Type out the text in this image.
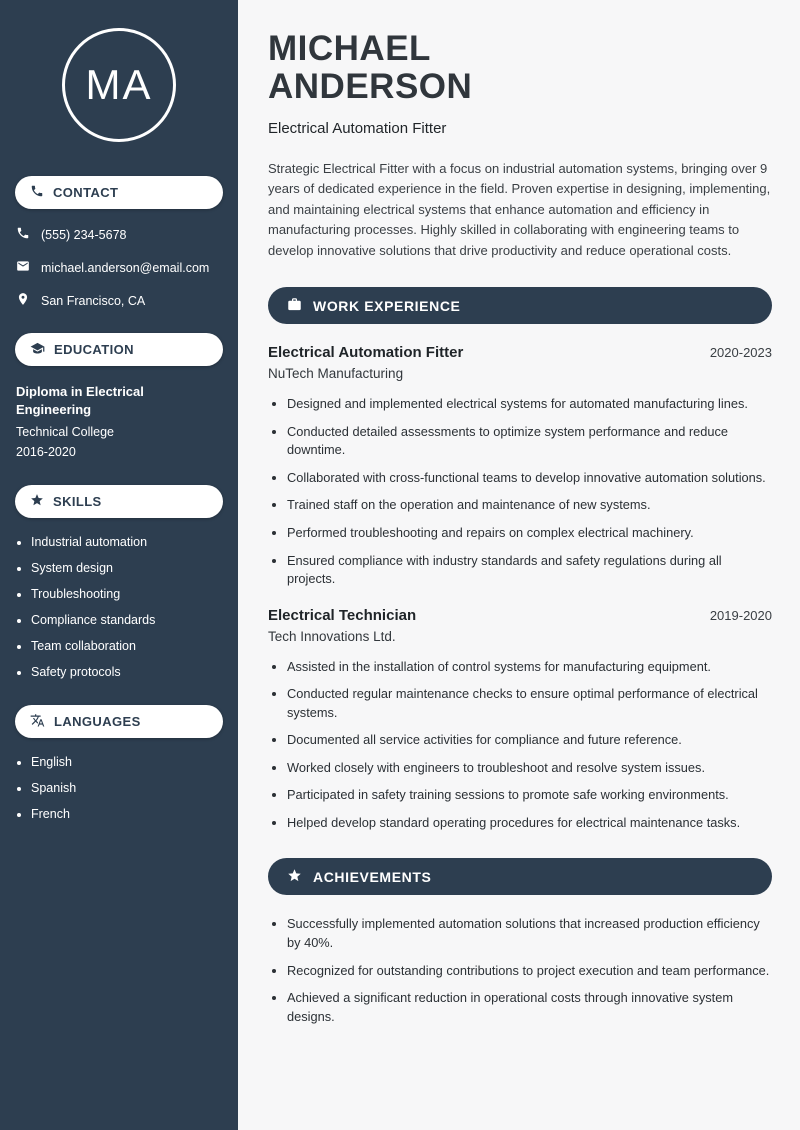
MA
CONTACT
(555) 234-5678
michael.anderson@email.com
San Francisco, CA
EDUCATION
Diploma in Electrical Engineering
Technical College
2016-2020
SKILLS
• Industrial automation
• System design
• Troubleshooting
• Compliance standards
• Team collaboration
• Safety protocols
LANGUAGES
• English
• Spanish
• French
MICHAEL
ANDERSON
Electrical Automation Fitter

Strategic Electrical Fitter with a focus on industrial automation systems, bringing over 9 years of dedicated experience in the field. Proven expertise in designing, implementing, and maintaining electrical systems that enhance automation and efficiency in manufacturing processes. Highly skilled in collaborating with engineering teams to develop innovative solutions that drive productivity and reduce operational costs.

WORK EXPERIENCE
Electrical Automation Fitter	2020-2023
NuTech Manufacturing
• Designed and implemented electrical systems for automated manufacturing lines.
• Conducted detailed assessments to optimize system performance and reduce downtime.
• Collaborated with cross-functional teams to develop innovative automation solutions.
• Trained staff on the operation and maintenance of new systems.
• Performed troubleshooting and repairs on complex electrical machinery.
• Ensured compliance with industry standards and safety regulations during all projects.
Electrical Technician	2019-2020
Tech Innovations Ltd.
• Assisted in the installation of control systems for manufacturing equipment.
• Conducted regular maintenance checks to ensure optimal performance of electrical systems.
• Documented all service activities for compliance and future reference.
• Worked closely with engineers to troubleshoot and resolve system issues.
• Participated in safety training sessions to promote safe working environments.
• Helped develop standard operating procedures for electrical maintenance tasks.
ACHIEVEMENTS
• Successfully implemented automation solutions that increased production efficiency by 40%.
• Recognized for outstanding contributions to project execution and team performance.
• Achieved a significant reduction in operational costs through innovative system designs.
